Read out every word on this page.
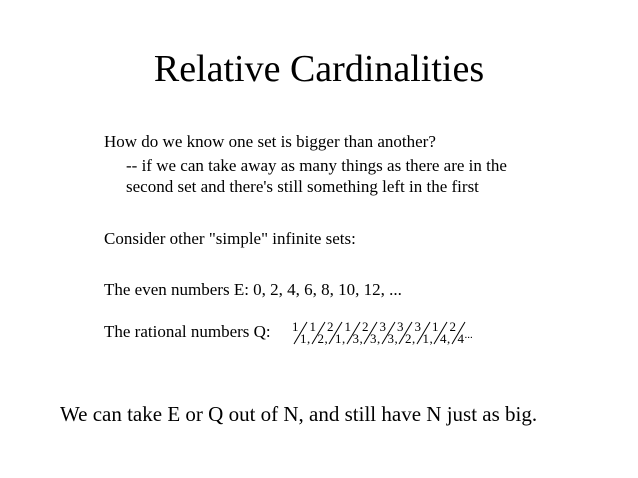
Relative Cardinalities
How do we know one set is bigger than another?
-- if we can take away as many things as there are in the
second set and there's still something left in the first
Consider other "simple" infinite sets:
The even numbers E: 0, 2, 4, 6, 8, 10, 12, ...
The rational numbers Q: 1
1 ,
1
2 ,
2
1 ,
1
3 ,
2
3 ,
3
3 ,
3
2 ,
3
1 ,
1
4 ,
2
4 ...
We can take E or Q out of N, and still have N just as big.
